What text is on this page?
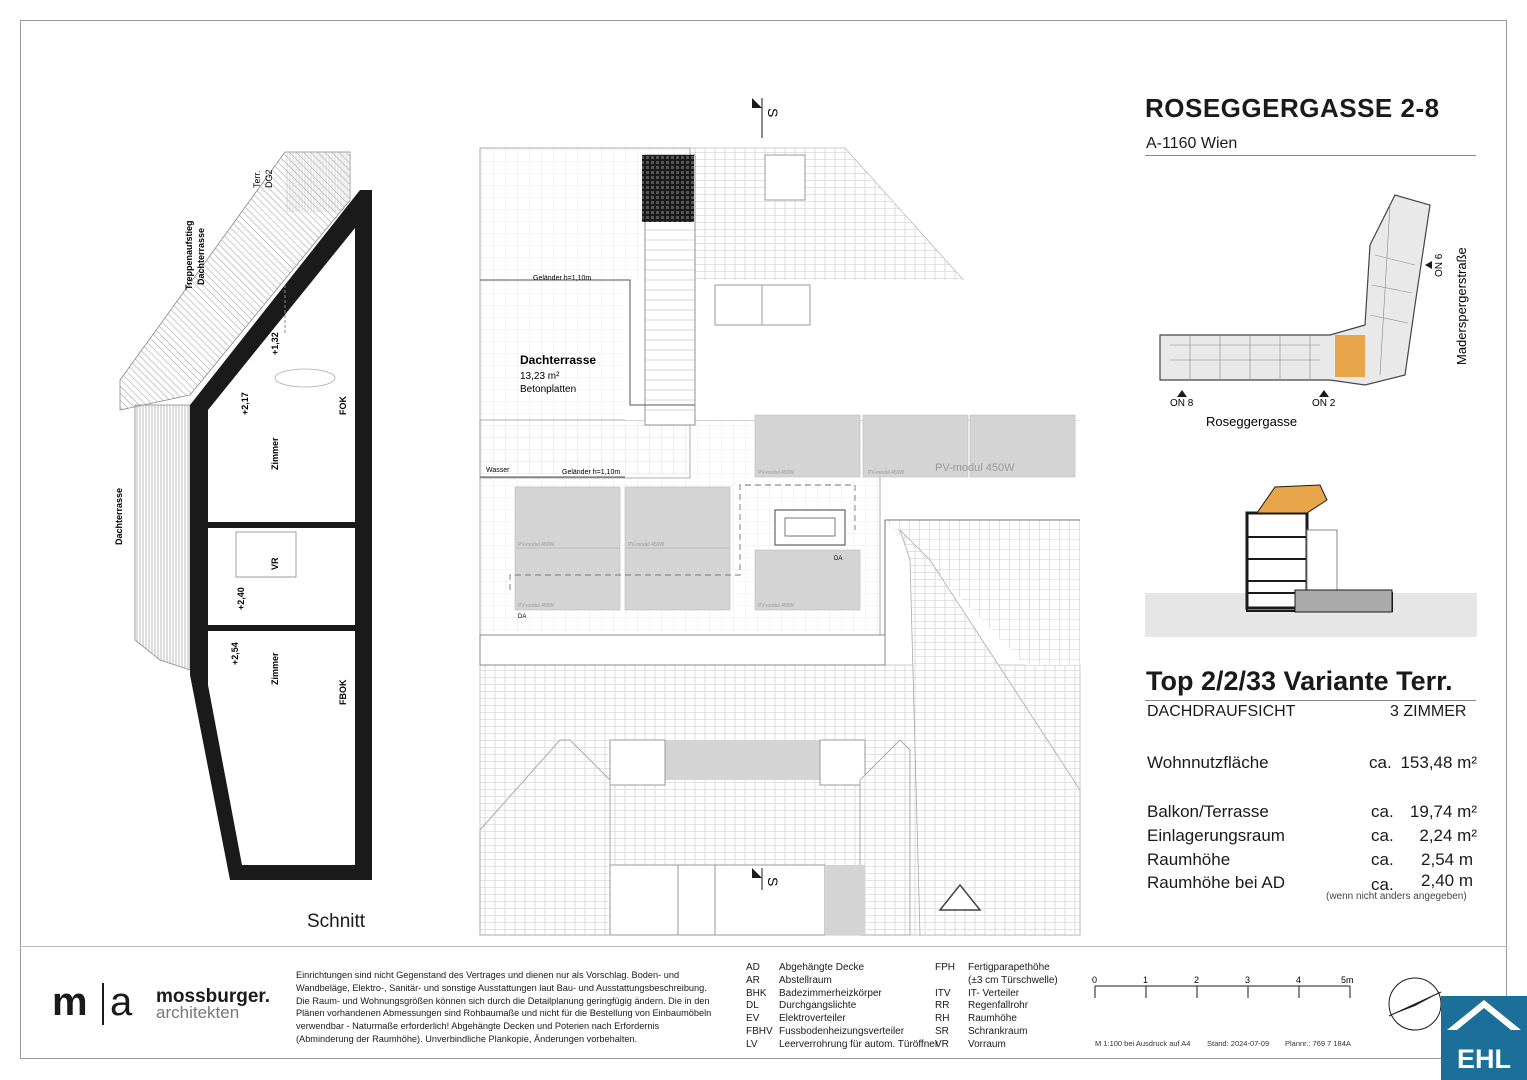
Terr. DG2
Treppenaufstieg Dachterrasse
Dachterrasse
Zimmer
Zimmer
VR
FOK
FBOK
+1,32
+2,17
+2,40
+2,54
Schnitt
S
S
Dachterrasse
13,23 m²
Betonplatten
Geländer h=1,10m
Geländer h=1,10m
Wasser	PV-modul 450W
PV-modul 450W	PV-modul 450W
PV-modul 450W	PV-modul 450W
PV-modul 450W
PV-modul 450W
DA
DA
ROSEGGERGASSE 2-8
A-1160 Wien
ON 8	ON 2
ON 6
Roseggergasse
Maderspergerstraße
Top 2/2/33 Variante Terr.
DACHDRAUFSICHT	3 ZIMMER
Wohnnutzfläche	ca. 153,48 m²
Balkon/Terrasse	ca. 19,74 m²
Einlagerungsraum	ca. 2,24 m²
Raumhöhe	ca. 2,54 m
Raumhöhe bei AD	ca. 2,40 m
(wenn nicht anders angegeben)
m a mossburger.
architekten
Einrichtungen sind nicht Gegenstand des Vertrages und dienen nur als Vorschlag. Boden- und Wandbeläge, Elektro-, Sanitär- und sonstige Ausstattungen laut Bau- und Ausstattungsbeschreibung. Die Raum- und Wohnungsgrößen können sich durch die Detailplanung geringfügig ändern. Die in den Plänen vorhandenen Abmessungen sind Rohbaumaße und nicht für die Bestellung von Einbaumöbeln verwendbar - Naturmaße erforderlich! Abgehängte Decken und Poterien nach Erfordernis (Abminderung der Raumhöhe). Unverbindliche Plankopie, Änderungen vorbehalten.
AD Abgehängte Decke
AR Abstellraum
BHK Badezimmerheizkörper
DL Durchgangslichte
EV Elektroverteiler
FBHV Fussbodenheizungsverteiler
LV Leerverrohrung für autom. Türöffner
FPH Fertigparapethöhe
(±3 cm Türschwelle)
ITV IT- Verteiler
RR Regenfallrohr
RH Raumhöhe
SR Schrankraum
VR Vorraum
0	1	2	3	4	5m
M 1:100 bei Ausdruck auf A4 Stand: 2024-07-09 Plannr.: 769 7 184A
EHL
